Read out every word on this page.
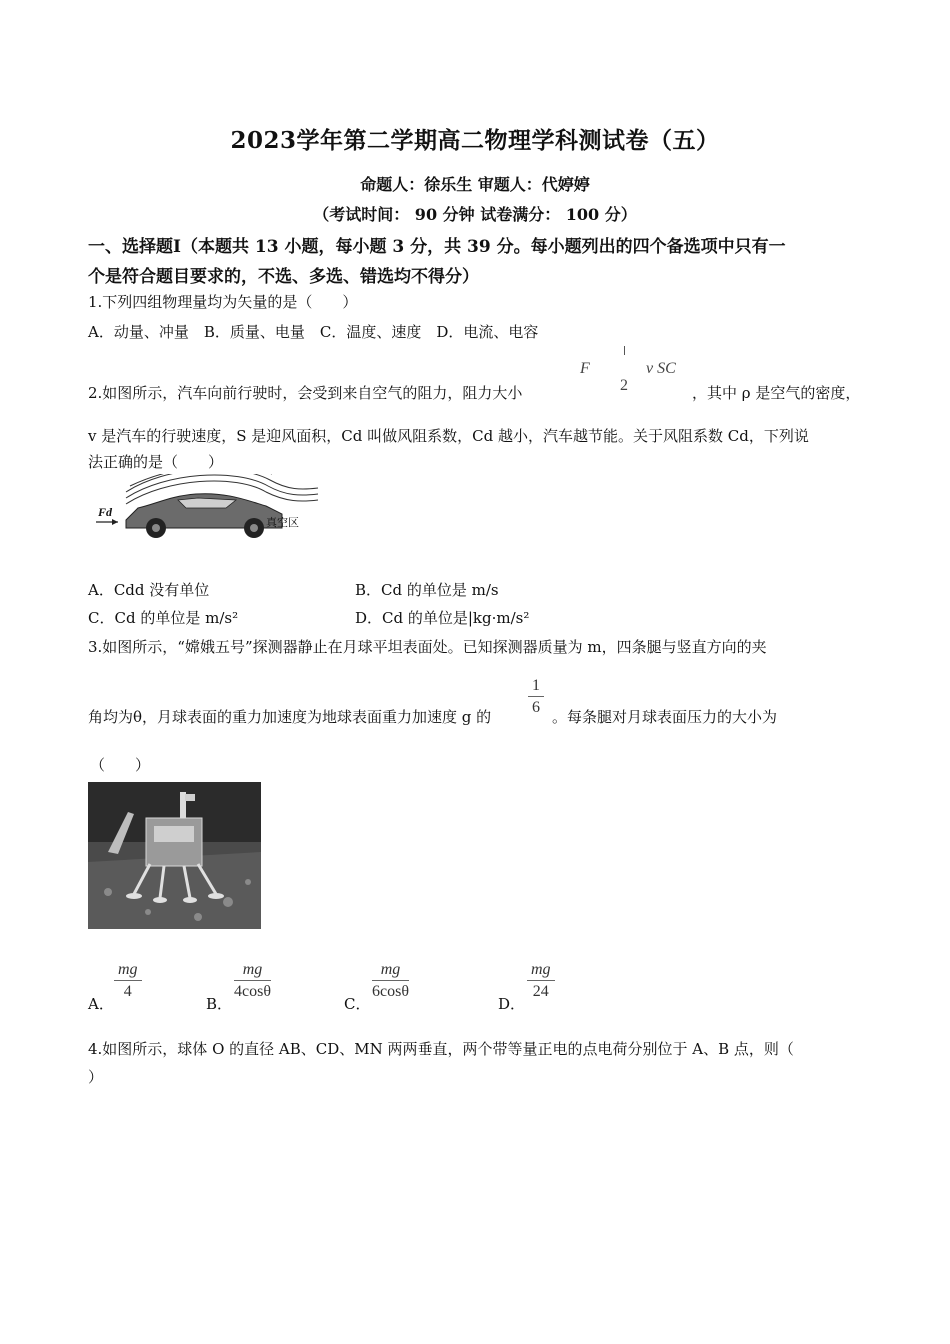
2023学年第二学期高二物理学科测试卷（五）
命题人：徐乐生 审题人：代婷婷
（考试时间： 90 分钟 试卷满分： 100 分）
一、选择题Ⅰ（本题共 13 小题，每小题 3 分，共 39 分。每小题列出的四个备选项中只有一
个是符合题目要求的，不选、多选、错选均不得分）
1.下列四组物理量均为矢量的是（　　）
A．动量、冲量　B．质量、电量　C．温度、速度　D．电流、电容
2.如图所示，汽车向前行驶时，会受到来自空气的阻力，阻力大小
F
2
v SC
，其中 ρ 是空气的密度，
v 是汽车的行驶速度，S 是迎风面积，Cd 叫做风阻系数，Cd 越小，汽车越节能。关于风阻系数 Cd，下列说
法正确的是（　　）
Fd
真空区
A．Cdd 没有单位	B．Cd 的单位是 m/s
C．Cd 的单位是 m/s²	D．Cd 的单位是|kg·m/s²
3.如图所示，“嫦娥五号”探测器静止在月球平坦表面处。已知探测器质量为 m，四条腿与竖直方向的夹
角均为θ，月球表面的重力加速度为地球表面重力加速度 g 的 $\frac{1}{6}$ 。每条腿对月球表面压力的大小为
（　　）
A．
$\frac{mg}{4}$
B．
$\frac{mg}{4\cos\theta}$
C．
$\frac{mg}{6\cos\theta}$
D．
$\frac{mg}{24}$
4.如图所示，球体 O 的直径 AB、CD、MN 两两垂直，两个带等量正电的点电荷分别位于 A、B 点，则（
）
